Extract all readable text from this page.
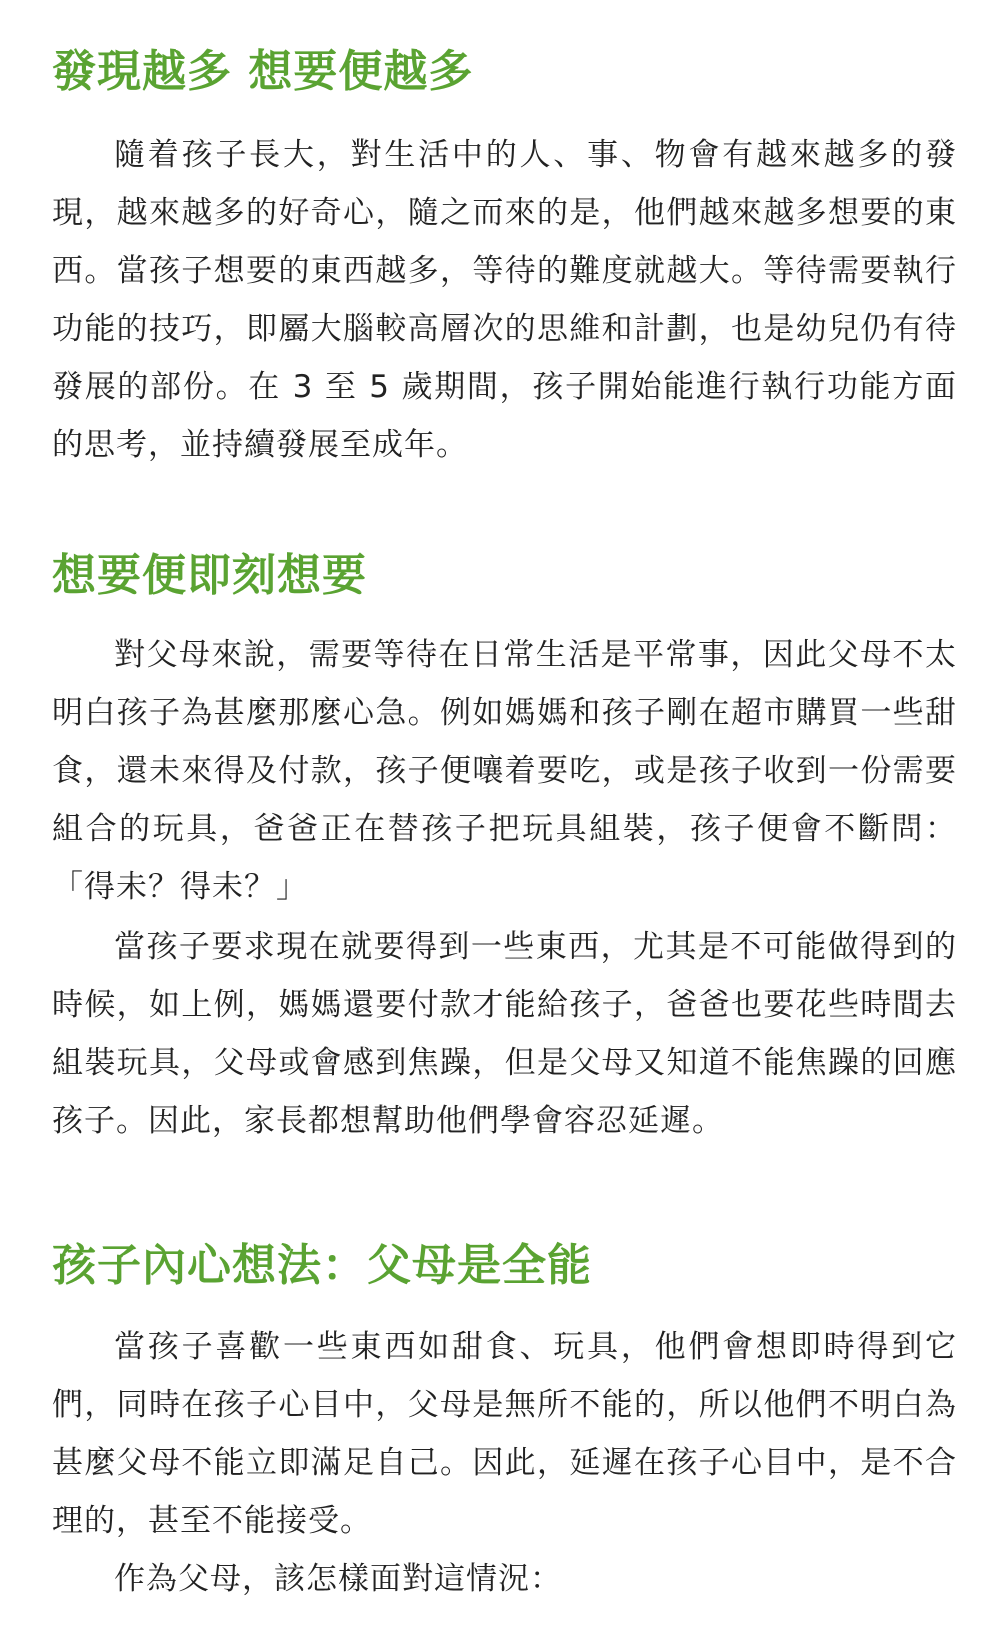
發現越多 想要便越多

隨着孩子長大，對生活中的人、事、物會有越來越多的發現，越來越多的好奇心，隨之而來的是，他們越來越多想要的東西。當孩子想要的東西越多，等待的難度就越大。等待需要執行功能的技巧，即屬大腦較高層次的思維和計劃，也是幼兒仍有待發展的部份。在 3 至 5 歲期間，孩子開始能進行執行功能方面的思考，並持續發展至成年。

想要便即刻想要

對父母來說，需要等待在日常生活是平常事，因此父母不太明白孩子為甚麼那麼心急。例如媽媽和孩子剛在超市購買一些甜食，還未來得及付款，孩子便嚷着要吃，或是孩子收到一份需要組合的玩具，爸爸正在替孩子把玩具組裝，孩子便會不斷問：「得未？得未？」

當孩子要求現在就要得到一些東西，尤其是不可能做得到的時候，如上例，媽媽還要付款才能給孩子，爸爸也要花些時間去組裝玩具，父母或會感到焦躁，但是父母又知道不能焦躁的回應孩子。因此，家長都想幫助他們學會容忍延遲。

孩子內心想法：父母是全能

當孩子喜歡一些東西如甜食、玩具，他們會想即時得到它們，同時在孩子心目中，父母是無所不能的，所以他們不明白為甚麼父母不能立即滿足自己。因此，延遲在孩子心目中，是不合理的，甚至不能接受。

作為父母，該怎樣面對這情況：
